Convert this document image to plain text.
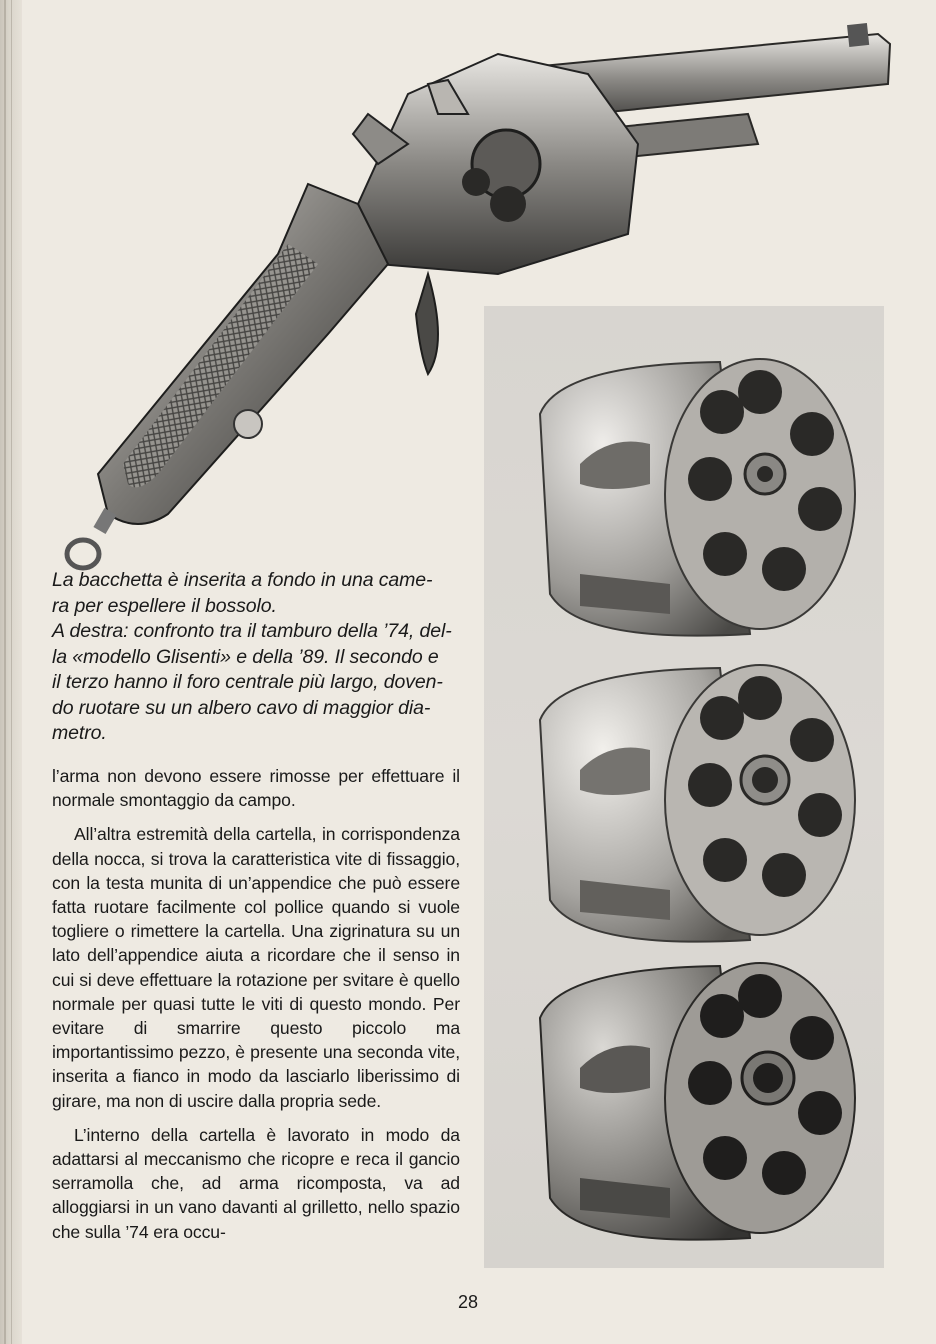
La bacchetta è inserita a fondo in una came-

ra per espellere il bossolo.

A destra: confronto tra il tamburo della ’74, del-

la «modello Glisenti» e della ’89. Il secondo e

il terzo hanno il foro centrale più largo, doven-

do ruotare su un albero cavo di maggior dia-

metro.

l’arma non devono essere rimosse per effettuare il normale smontaggio da campo.

All’altra estremità della cartella, in corrispondenza della nocca, si trova la caratteristica vite di fissaggio, con la testa munita di un’appendice che può essere fatta ruotare facilmente col pollice quando si vuole togliere o rimettere la cartella. Una zigrinatura su un lato dell’appendice aiuta a ricordare che il senso in cui si deve effettuare la rotazione per svitare è quello normale per quasi tutte le viti di questo mondo. Per evitare di smarrire questo piccolo ma importantissimo pezzo, è presente una seconda vite, inserita a fianco in modo da lasciarlo liberissimo di girare, ma non di uscire dalla propria sede.

L’interno della cartella è lavorato in modo da adattarsi al meccanismo che ricopre e reca il gancio serramolla che, ad arma ricomposta, va ad alloggiarsi in un vano davanti al grilletto, nello spazio che sulla ’74 era occu-

28
